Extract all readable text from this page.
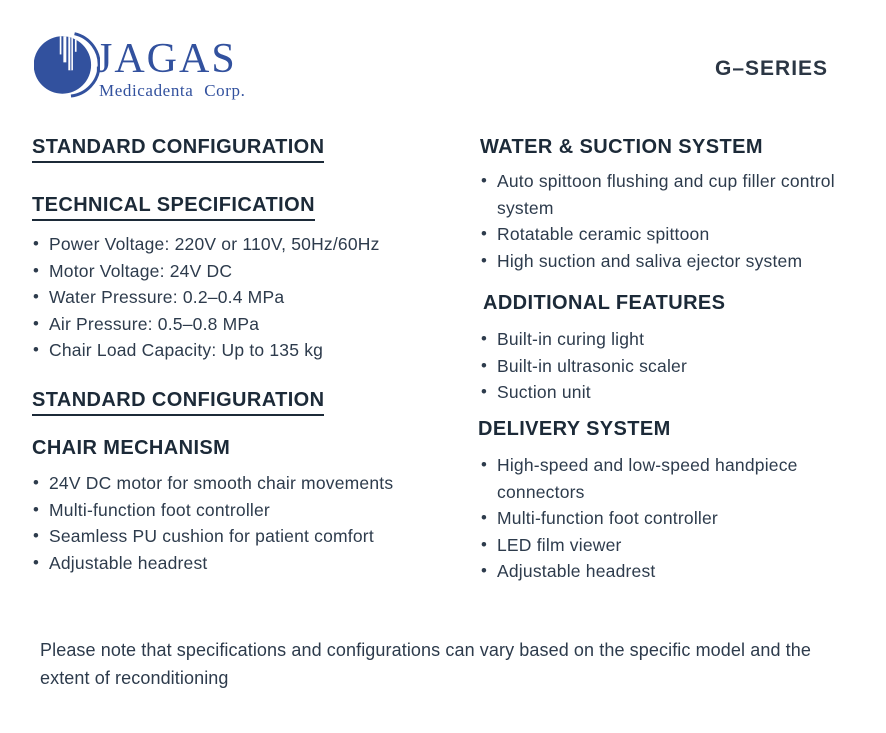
JAGAS
Medicadenta Corp.
G–SERIES
STANDARD CONFIGURATION
TECHNICAL SPECIFICATION
• Power Voltage: 220V or 110V, 50Hz/60Hz
• Motor Voltage: 24V DC
• Water Pressure: 0.2–0.4 MPa
• Air Pressure: 0.5–0.8 MPa
• Chair Load Capacity: Up to 135 kg
STANDARD CONFIGURATION
CHAIR MECHANISM
• 24V DC motor for smooth chair movements
• Multi-function foot controller
• Seamless PU cushion for patient comfort
• Adjustable headrest
WATER & SUCTION SYSTEM
• Auto spittoon flushing and cup filler control system
• Rotatable ceramic spittoon
• High suction and saliva ejector system
ADDITIONAL FEATURES
• Built-in curing light
• Built-in ultrasonic scaler
• Suction unit
DELIVERY SYSTEM
• High-speed and low-speed handpiece connectors
• Multi-function foot controller
• LED film viewer
• Adjustable headrest
Please note that specifications and configurations can vary based on the specific model and the extent of reconditioning
